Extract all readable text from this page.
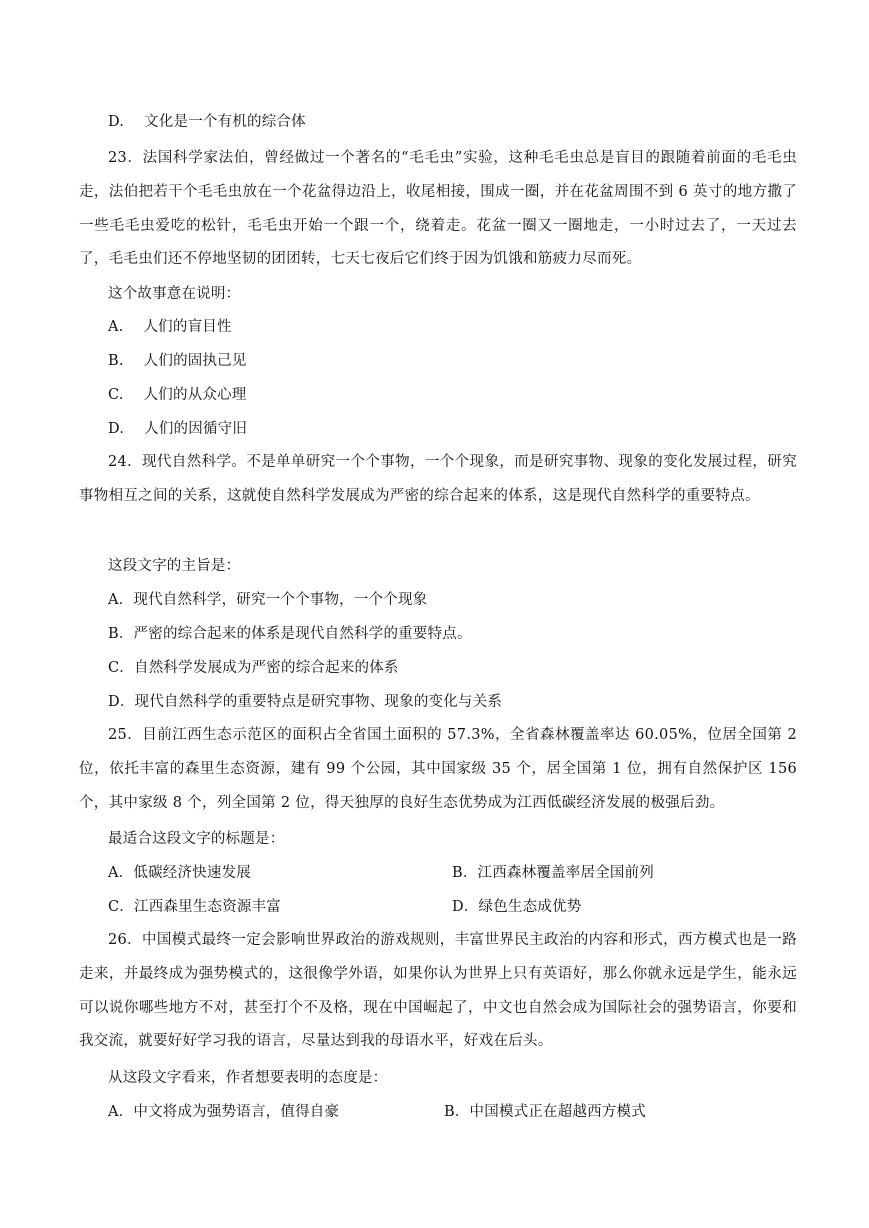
D. 文化是一个有机的综合体
23．法国科学家法伯，曾经做过一个著名的“毛毛虫”实验，这种毛毛虫总是盲目的跟随着前面的毛毛虫走，法伯把若干个毛毛虫放在一个花盆得边沿上，收尾相接，围成一圈，并在花盆周围不到 6 英寸的地方撒了一些毛毛虫爱吃的松针，毛毛虫开始一个跟一个，绕着走。花盆一圈又一圈地走，一小时过去了，一天过去了，毛毛虫们还不停地坚韧的团团转，七天七夜后它们终于因为饥饿和筋疲力尽而死。
这个故事意在说明：
A. 人们的盲目性
B. 人们的固执己见
C. 人们的从众心理
D. 人们的因循守旧
24．现代自然科学。不是单单研究一个个事物，一个个现象，而是研究事物、现象的变化发展过程，研究事物相互之间的关系，这就使自然科学发展成为严密的综合起来的体系，这是现代自然科学的重要特点。
这段文字的主旨是：
A．现代自然科学，研究一个个事物，一个个现象
B．严密的综合起来的体系是现代自然科学的重要特点。
C．自然科学发展成为严密的综合起来的体系
D．现代自然科学的重要特点是研究事物、现象的变化与关系
25．目前江西生态示范区的面积占全省国土面积的 57.3%，全省森林覆盖率达 60.05%，位居全国第 2 位，依托丰富的森里生态资源，建有 99 个公园，其中国家级 35 个，居全国第 1 位，拥有自然保护区 156 个，其中家级 8 个，列全国第 2 位，得天独厚的良好生态优势成为江西低碳经济发展的极强后劲。
最适合这段文字的标题是：
A．低碳经济快速发展	B．江西森林覆盖率居全国前列
C．江西森里生态资源丰富	D．绿色生态成优势
26．中国模式最终一定会影响世界政治的游戏规则，丰富世界民主政治的内容和形式，西方模式也是一路走来，并最终成为强势模式的，这很像学外语，如果你认为世界上只有英语好，那么你就永远是学生，能永远可以说你哪些地方不对，甚至打个不及格，现在中国崛起了，中文也自然会成为国际社会的强势语言，你要和我交流，就要好好学习我的语言，尽量达到我的母语水平，好戏在后头。
从这段文字看来，作者想要表明的态度是：
A．中文将成为强势语言，值得自豪	B．中国模式正在超越西方模式
